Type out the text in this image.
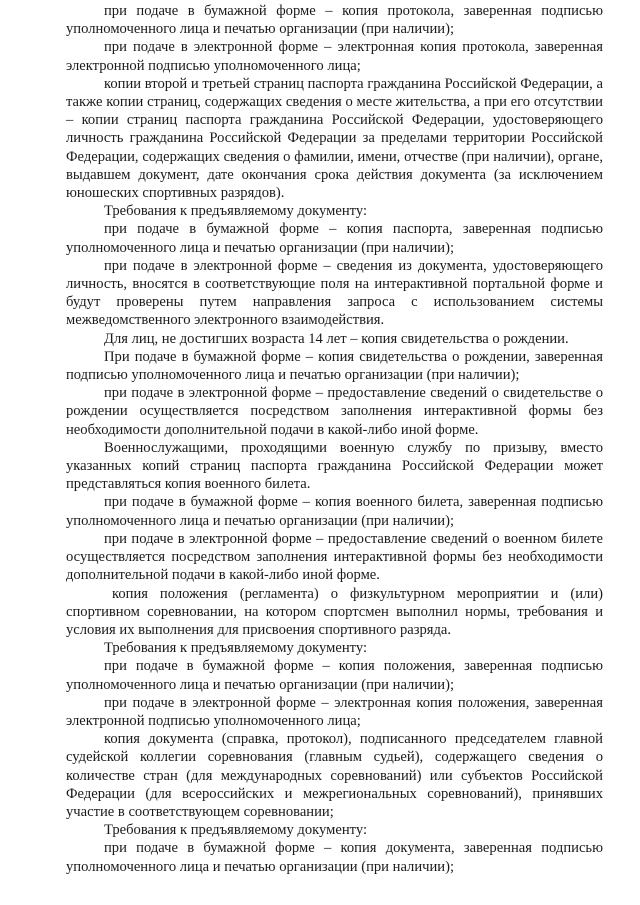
при подаче в бумажной форме – копия протокола, заверенная подписью уполномоченного лица и печатью организации (при наличии);

при подаче в электронной форме – электронная копия протокола, заверенная электронной подписью уполномоченного лица;

копии второй и третьей страниц паспорта гражданина Российской Федерации, а также копии страниц, содержащих сведения о месте жительства, а при его отсутствии – копии страниц паспорта гражданина Российской Федерации, удостоверяющего личность гражданина Российской Федерации за пределами территории Российской Федерации, содержащих сведения о фамилии, имени, отчестве (при наличии), органе, выдавшем документ, дате окончания срока действия документа (за исключением юношеских спортивных разрядов).

Требования к предъявляемому документу:

при подаче в бумажной форме – копия паспорта, заверенная подписью уполномоченного лица и печатью организации (при наличии);

при подаче в электронной форме – сведения из документа, удостоверяющего личность, вносятся в соответствующие поля на интерактивной портальной форме и будут проверены путем направления запроса с использованием системы межведомственного электронного взаимодействия.

Для лиц, не достигших возраста 14 лет – копия свидетельства о рождении.

При подаче в бумажной форме – копия свидетельства о рождении, заверенная подписью уполномоченного лица и печатью организации (при наличии);

при подаче в электронной форме – предоставление сведений о свидетельстве о рождении осуществляется посредством заполнения интерактивной формы без необходимости дополнительной подачи в какой-либо иной форме.

Военнослужащими, проходящими военную службу по призыву, вместо указанных копий страниц паспорта гражданина Российской Федерации может представляться копия военного билета.

при подаче в бумажной форме – копия военного билета, заверенная подписью уполномоченного лица и печатью организации (при наличии);

при подаче в электронной форме – предоставление сведений о военном билете осуществляется посредством заполнения интерактивной формы без необходимости дополнительной подачи в какой-либо иной форме.

копия положения (регламента) о физкультурном мероприятии и (или) спортивном соревновании, на котором спортсмен выполнил нормы, требования и условия их выполнения для присвоения спортивного разряда.

Требования к предъявляемому документу:

при подаче в бумажной форме – копия положения, заверенная подписью уполномоченного лица и печатью организации (при наличии);

при подаче в электронной форме – электронная копия положения, заверенная электронной подписью уполномоченного лица;

копия документа (справка, протокол), подписанного председателем главной судейской коллегии соревнования (главным судьей), содержащего сведения о количестве стран (для международных соревнований) или субъектов Российской Федерации (для всероссийских и межрегиональных соревнований), принявших участие в соответствующем соревновании;

Требования к предъявляемому документу:

при подаче в бумажной форме – копия документа, заверенная подписью уполномоченного лица и печатью организации (при наличии);
